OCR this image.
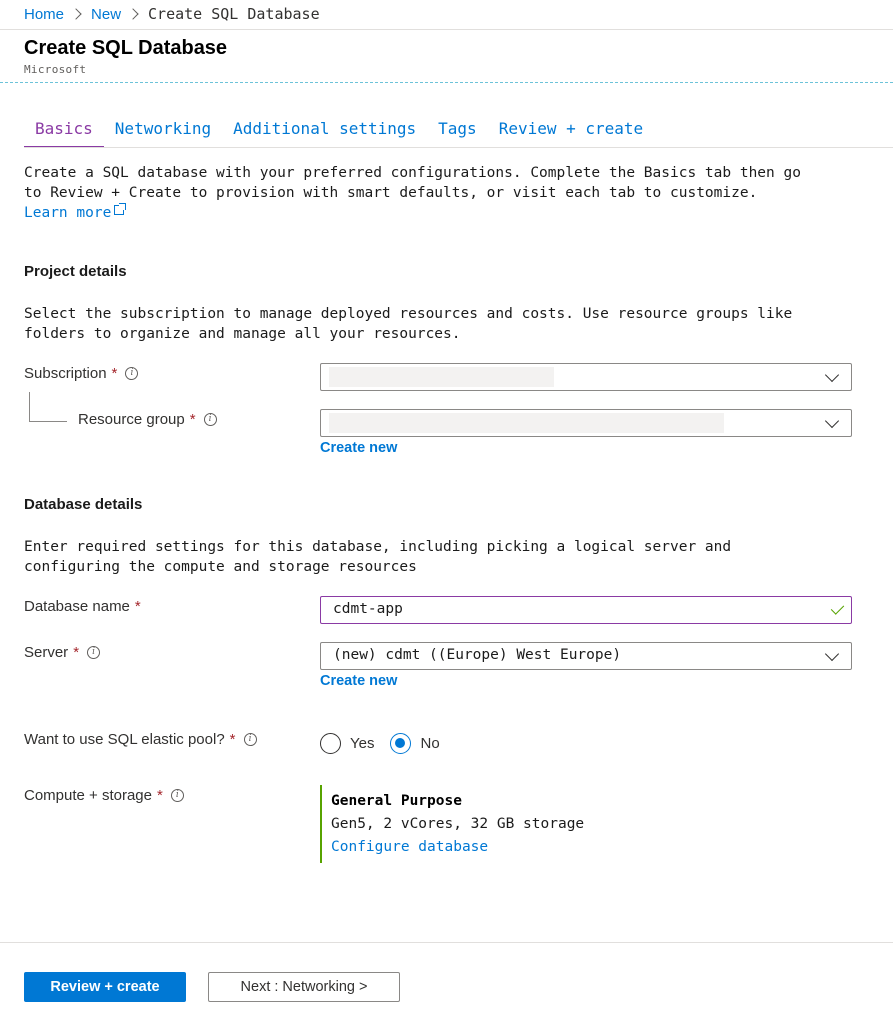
Home New Create SQL Database
Create SQL Database
Microsoft
Basics	Networking	Additional settings	Tags	Review + create
Create a SQL database with your preferred configurations. Complete the Basics tab then go
to Review + Create to provision with smart defaults, or visit each tab to customize.
Learn more
Project details
Select the subscription to manage deployed resources and costs. Use resource groups like
folders to organize and manage all your resources.
Subscription *	i
Resource group *	i
Create new
Database details
Enter required settings for this database, including picking a logical server and
configuring the compute and storage resources
Database name *	cdmt-app
Server *	i	(new) cdmt ((Europe) West Europe)
Create new
Want to use SQL elastic pool? *	i	Yes	No
Compute + storage *	i	General Purpose
Gen5, 2 vCores, 32 GB storage
Configure database
Review + create	Next : Networking >
